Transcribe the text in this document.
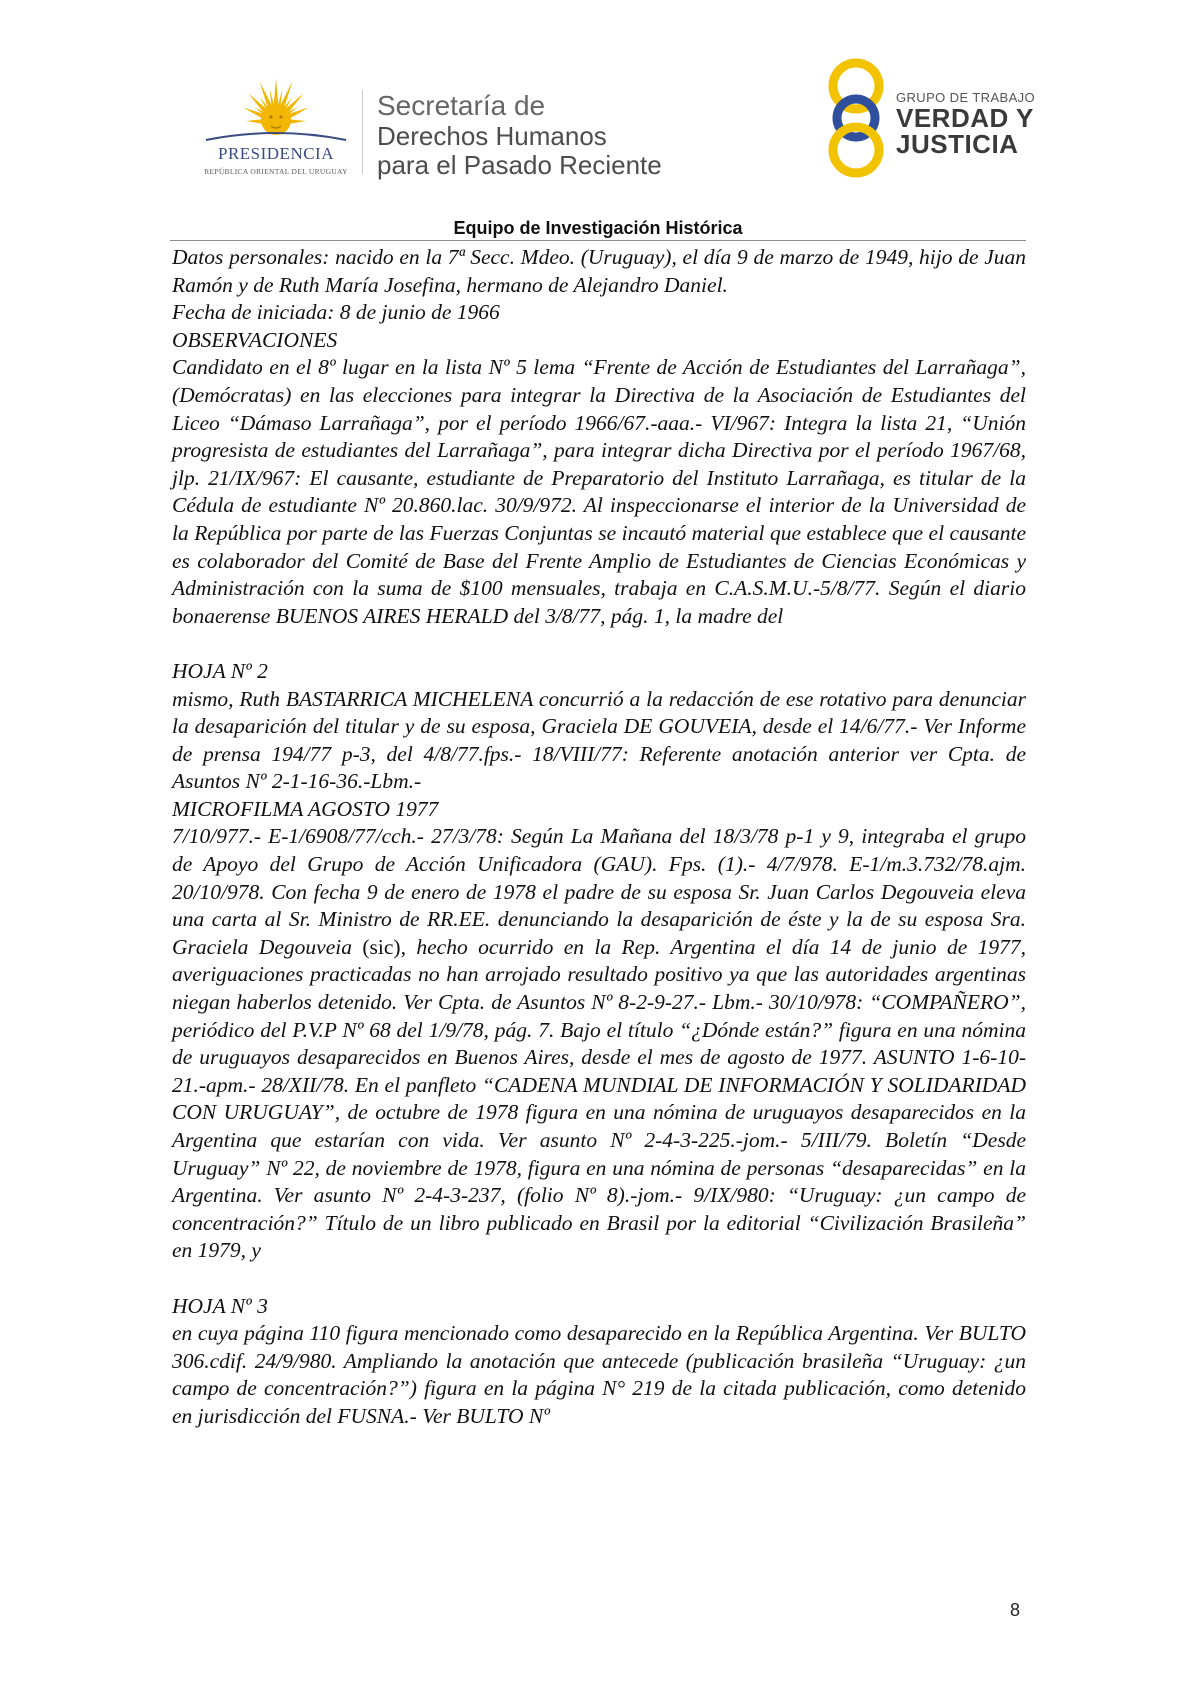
PRESIDENCIA
REPÚBLICA ORIENTAL DEL URUGUAY
Secretaría de
Derechos Humanos
para el Pasado Reciente
GRUPO DE TRABAJO
VERDAD Y
JUSTICIA
Equipo de Investigación Histórica

Datos personales: nacido en la 7ª Secc. Mdeo. (Uruguay), el día 9 de marzo de 1949, hijo de Juan Ramón y de Ruth María Josefina, hermano de Alejandro Daniel.

Fecha de iniciada: 8 de junio de 1966

OBSERVACIONES

Candidato en el 8º lugar en la lista Nº 5 lema “Frente de Acción de Estudiantes del Larrañaga”, (Demócratas) en las elecciones para integrar la Directiva de la Asociación de Estudiantes del Liceo “Dámaso Larrañaga”, por el período 1966/67.-aaa.- VI/967: Integra la lista 21, “Unión progresista de estudiantes del Larrañaga”, para integrar dicha Directiva por el período 1967/68, jlp. 21/IX/967: El causante, estudiante de Preparatorio del Instituto Larrañaga, es titular de la Cédula de estudiante Nº 20.860.lac. 30/9/972. Al inspeccionarse el interior de la Universidad de la República por parte de las Fuerzas Conjuntas se incautó material que establece que el causante es colaborador del Comité de Base del Frente Amplio de Estudiantes de Ciencias Económicas y Administración con la suma de $100 mensuales, trabaja en C.A.S.M.U.-5/8/77. Según el diario bonaerense BUENOS AIRES HERALD del 3/8/77, pág. 1, la madre del

HOJA Nº 2

mismo, Ruth BASTARRICA MICHELENA concurrió a la redacción de ese rotativo para denunciar la desaparición del titular y de su esposa, Graciela DE GOUVEIA, desde el 14/6/77.- Ver Informe de prensa 194/77 p-3, del 4/8/77.fps.- 18/VIII/77: Referente anotación anterior ver Cpta. de Asuntos Nº 2-1-16-36.-Lbm.-

MICROFILMA AGOSTO 1977

7/10/977.- E-1/6908/77/cch.- 27/3/78: Según La Mañana del 18/3/78 p-1 y 9, integraba el grupo de Apoyo del Grupo de Acción Unificadora (GAU). Fps. (1).- 4/7/978. E-1/m.3.732/78.ajm. 20/10/978. Con fecha 9 de enero de 1978 el padre de su esposa Sr. Juan Carlos Degouveia eleva una carta al Sr. Ministro de RR.EE. denunciando la desaparición de éste y la de su esposa Sra. Graciela Degouveia (sic), hecho ocurrido en la Rep. Argentina el día 14 de junio de 1977, averiguaciones practicadas no han arrojado resultado positivo ya que las autoridades argentinas niegan haberlos detenido. Ver Cpta. de Asuntos Nº 8-2-9-27.- Lbm.- 30/10/978: “COMPAÑERO”, periódico del P.V.P Nº 68 del 1/9/78, pág. 7. Bajo el título “¿Dónde están?” figura en una nómina de uruguayos desaparecidos en Buenos Aires, desde el mes de agosto de 1977. ASUNTO 1-6-10-21.-apm.- 28/XII/78. En el panfleto “CADENA MUNDIAL DE INFORMACIÓN Y SOLIDARIDAD CON URUGUAY”, de octubre de 1978 figura en una nómina de uruguayos desaparecidos en la Argentina que estarían con vida. Ver asunto Nº 2-4-3-225.-jom.- 5/III/79. Boletín “Desde Uruguay” Nº 22, de noviembre de 1978, figura en una nómina de personas “desaparecidas” en la Argentina. Ver asunto Nº 2-4-3-237, (folio Nº 8).-jom.- 9/IX/980: “Uruguay: ¿un campo de concentración?” Título de un libro publicado en Brasil por la editorial “Civilización Brasileña” en 1979, y

HOJA Nº 3

en cuya página 110 figura mencionado como desaparecido en la República Argentina. Ver BULTO 306.cdif. 24/9/980. Ampliando la anotación que antecede (publicación brasileña “Uruguay: ¿un campo de concentración?”) figura en la página N° 219 de la citada publicación, como detenido en jurisdicción del FUSNA.- Ver BULTO Nº

8
